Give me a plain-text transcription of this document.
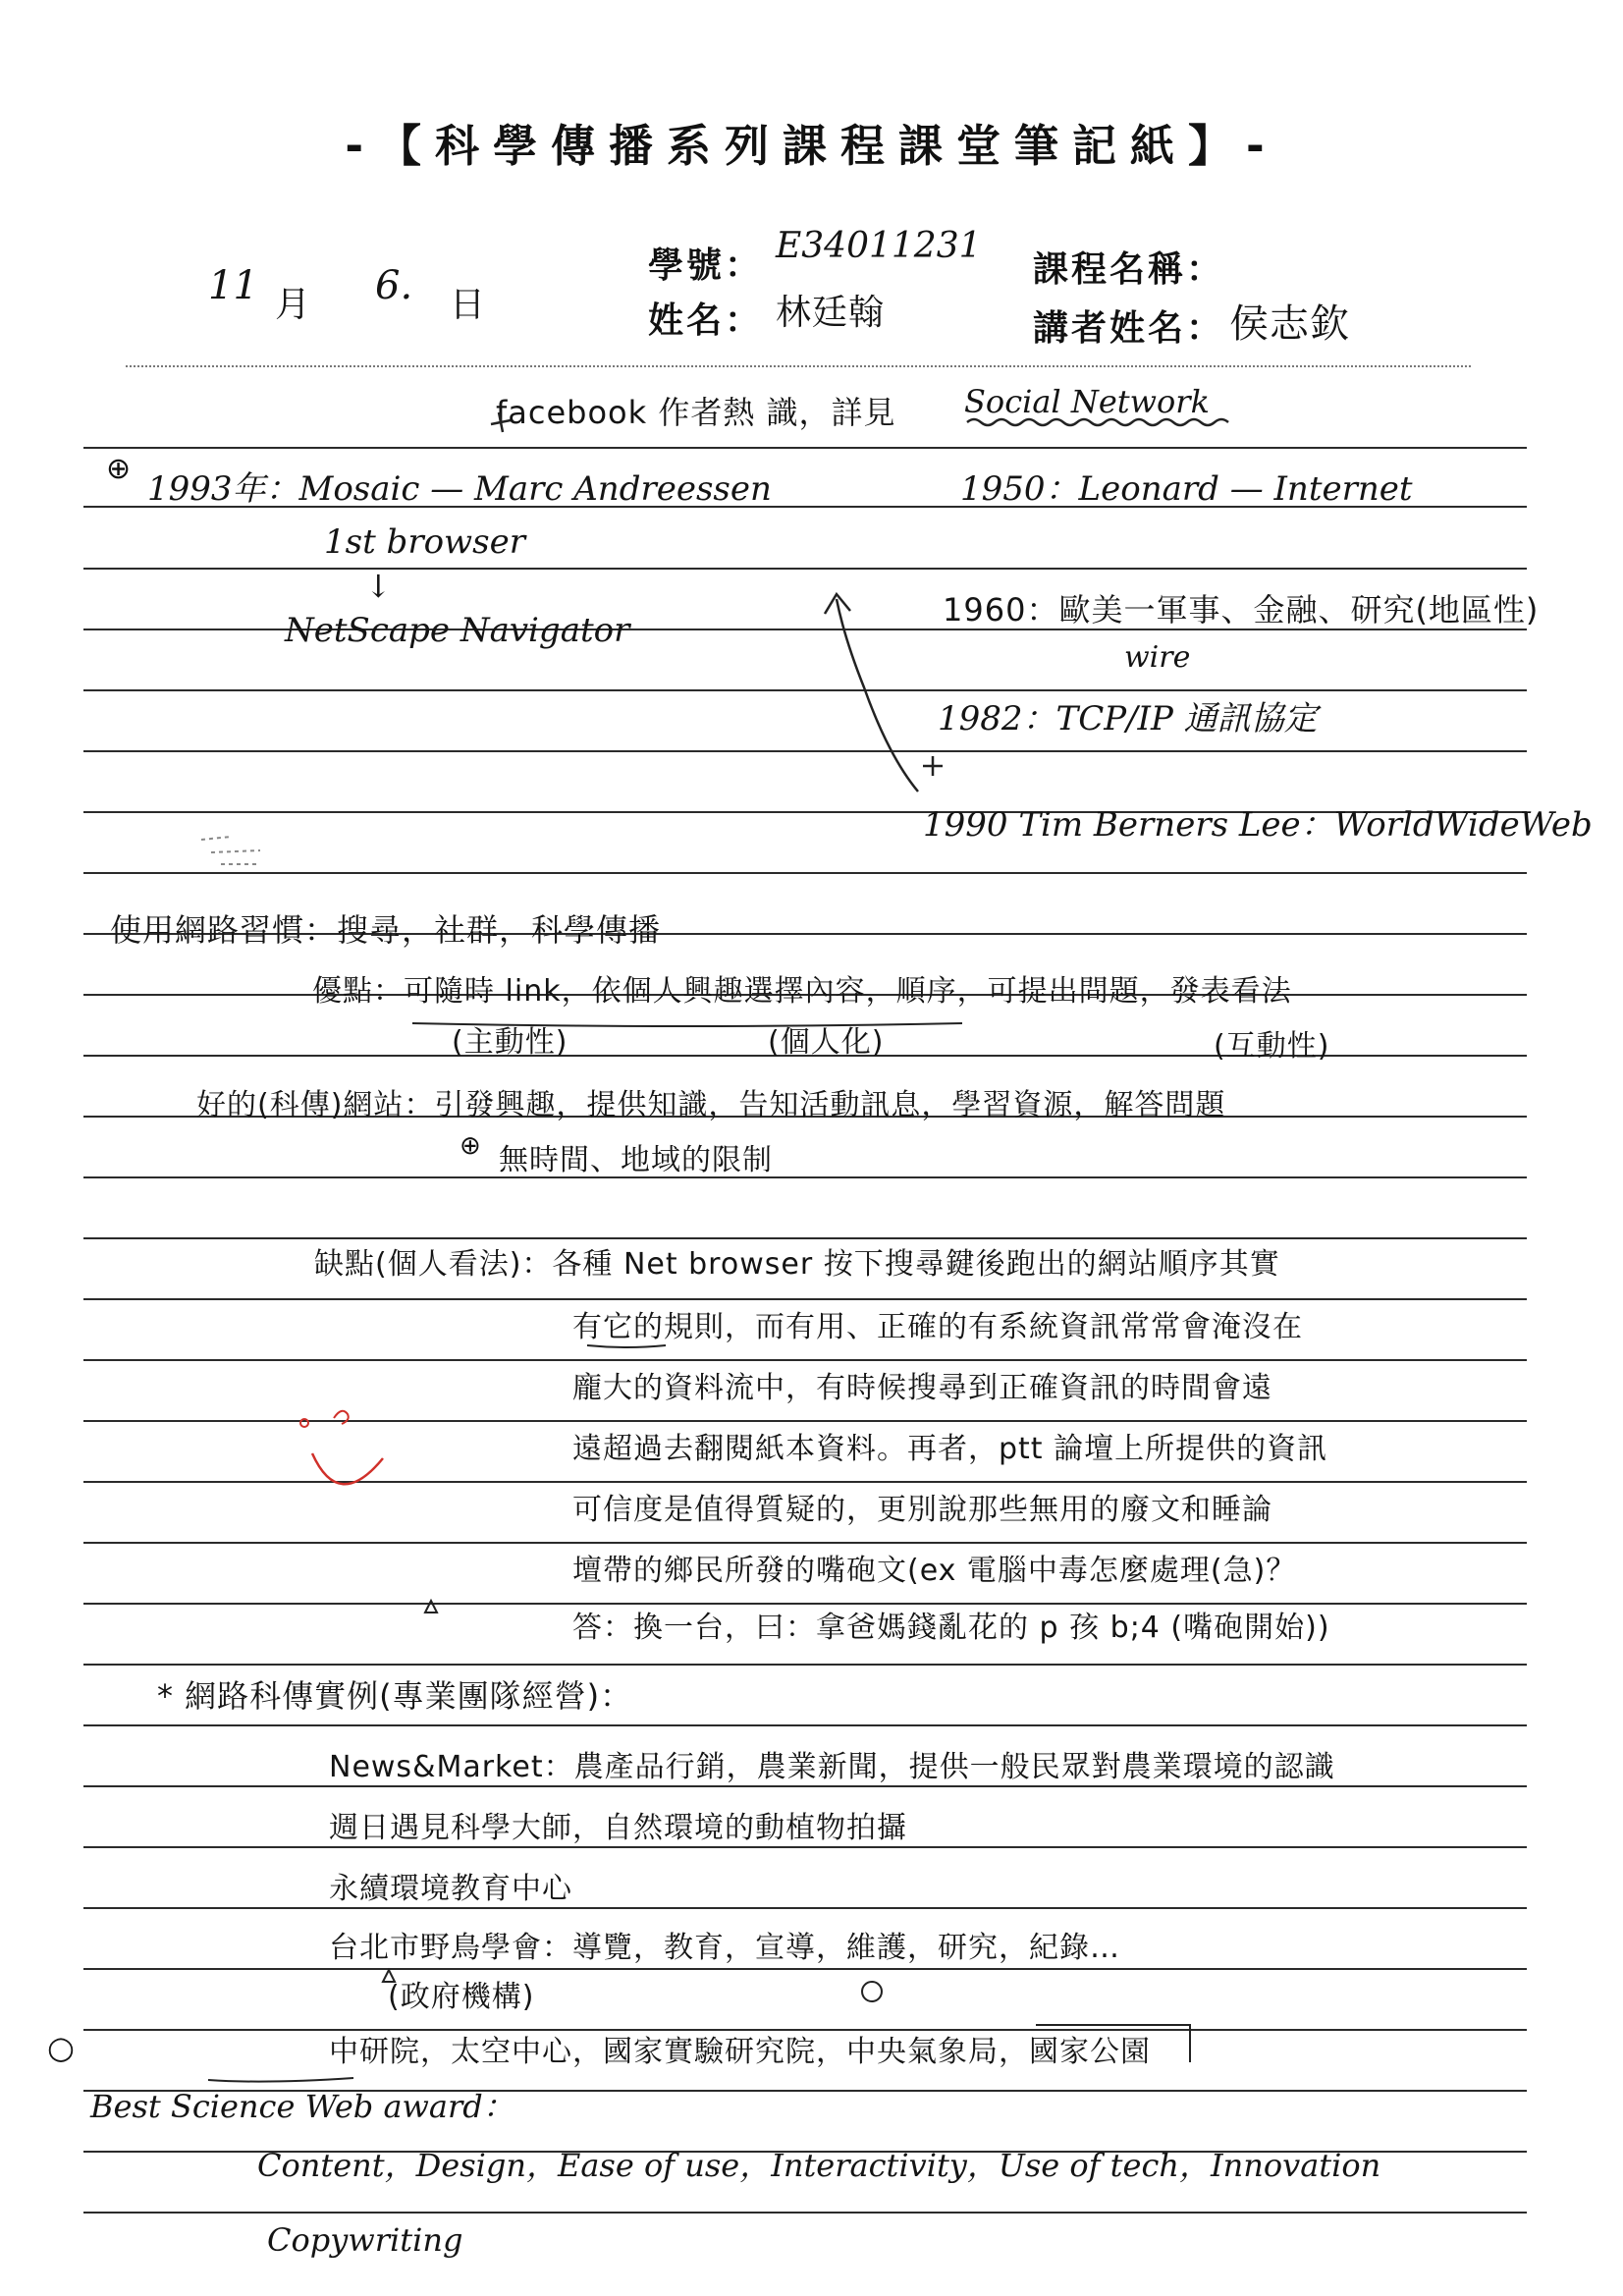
-【科學傳播系列課程課堂筆記紙】-
11 月 6. 日
學號： E34011231
姓名： 林廷翰
課程名稱：
講者姓名： 侯志欽
facebook 作者熱 識，詳見 Social Network
⊕
1993年：Mosaic — Marc Andreessen
1st browser
↓
NetScape Navigator
1950：Leonard — Internet
1960：歐美一軍事、金融、研究(地區性)
wire
1982：TCP/IP 通訊協定
1990 Tim Berners Lee：WorldWideWeb
使用網路習慣：搜尋，社群，科學傳播
優點：可隨時 link，依個人興趣選擇內容，順序，可提出問題，發表看法
(主動性)	(個人化)	(互動性)
好的(科傳)網站：引發興趣，提供知識，告知活動訊息，學習資源，解答問題
⊕ 無時間、地域的限制
缺點(個人看法)：各種 Net browser 按下搜尋鍵後跑出的網站順序其實
有它的規則，而有用、正確的有系統資訊常常會淹沒在
龐大的資料流中，有時候搜尋到正確資訊的時間會遠
遠超過去翻閱紙本資料。再者，ptt 論壇上所提供的資訊
可信度是值得質疑的，更別說那些無用的廢文和睡論
壇帶的鄉民所發的嘴砲文(ex 電腦中毒怎麼處理(急)？
答：換一台，曰：拿爸媽錢亂花的 p 孩 b;4 (嘴砲開始))
* 網路科傳實例(專業團隊經營)：
News&Market：農產品行銷，農業新聞，提供一般民眾對農業環境的認識
週日遇見科學大師，自然環境的動植物拍攝
永續環境教育中心
台北市野鳥學會：導覽，教育，宣導，維護，研究，紀錄…
(政府機構)
○	中研院，太空中心，國家實驗研究院，中央氣象局，國家公園
Best Science Web award：
Content，Design，Ease of use，Interactivity，Use of tech，Innovation
Copywriting
